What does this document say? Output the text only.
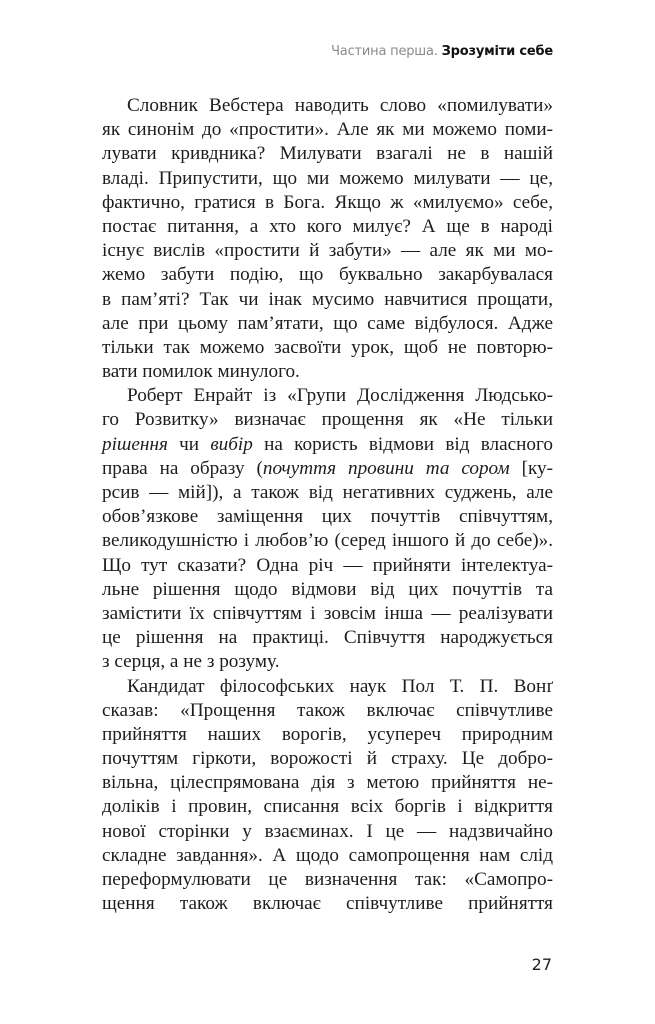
Частина перша. Зрозуміти себе
Словник Вебстера наводить слово «помилувати»
як синонім до «простити». Але як ми можемо поми-
лувати кривдника? Милувати взагалі не в нашій
владі. Припустити, що ми можемо милувати — це,
фактично, гратися в Бога. Якщо ж «милуємо» себе,
постає питання, а хто кого милує? А ще в народі
існує вислів «простити й забути» — але як ми мо-
жемо забути подію, що буквально закарбувалася
в пам’яті? Так чи інак мусимо навчитися прощати,
але при цьому пам’ятати, що саме відбулося. Адже
тільки так можемо засвоїти урок, щоб не повторю-
вати помилок минулого.
Роберт Енрайт із «Групи Дослідження Людсько-
го Розвитку» визначає прощення як «Не тільки
рішення чи вибір на користь відмови від власного
права на образу (почуття провини та сором [ку-
рсив — мій]), а також від негативних суджень, але
обов’язкове заміщення цих почуттів співчуттям,
великодушністю і любов’ю (серед іншого й до себе)».
Що тут сказати? Одна річ — прийняти інтелектуа-
льне рішення щодо відмови від цих почуттів та
замістити їх співчуттям і зовсім інша — реалізувати
це рішення на практиці. Співчуття народжується
з серця, а не з розуму.
Кандидат філософських наук Пол Т. П. Вонґ
сказав: «Прощення також включає співчутливе
прийняття наших ворогів, усупереч природним
почуттям гіркоти, ворожості й страху. Це добро-
вільна, цілеспрямована дія з метою прийняття не-
доліків і провин, списання всіх боргів і відкриття
нової сторінки у взаєминах. І це — надзвичайно
складне завдання». А щодо самопрощення нам слід
переформулювати це визначення так: «Самопро-
щення також включає співчутливе прийняття
27
